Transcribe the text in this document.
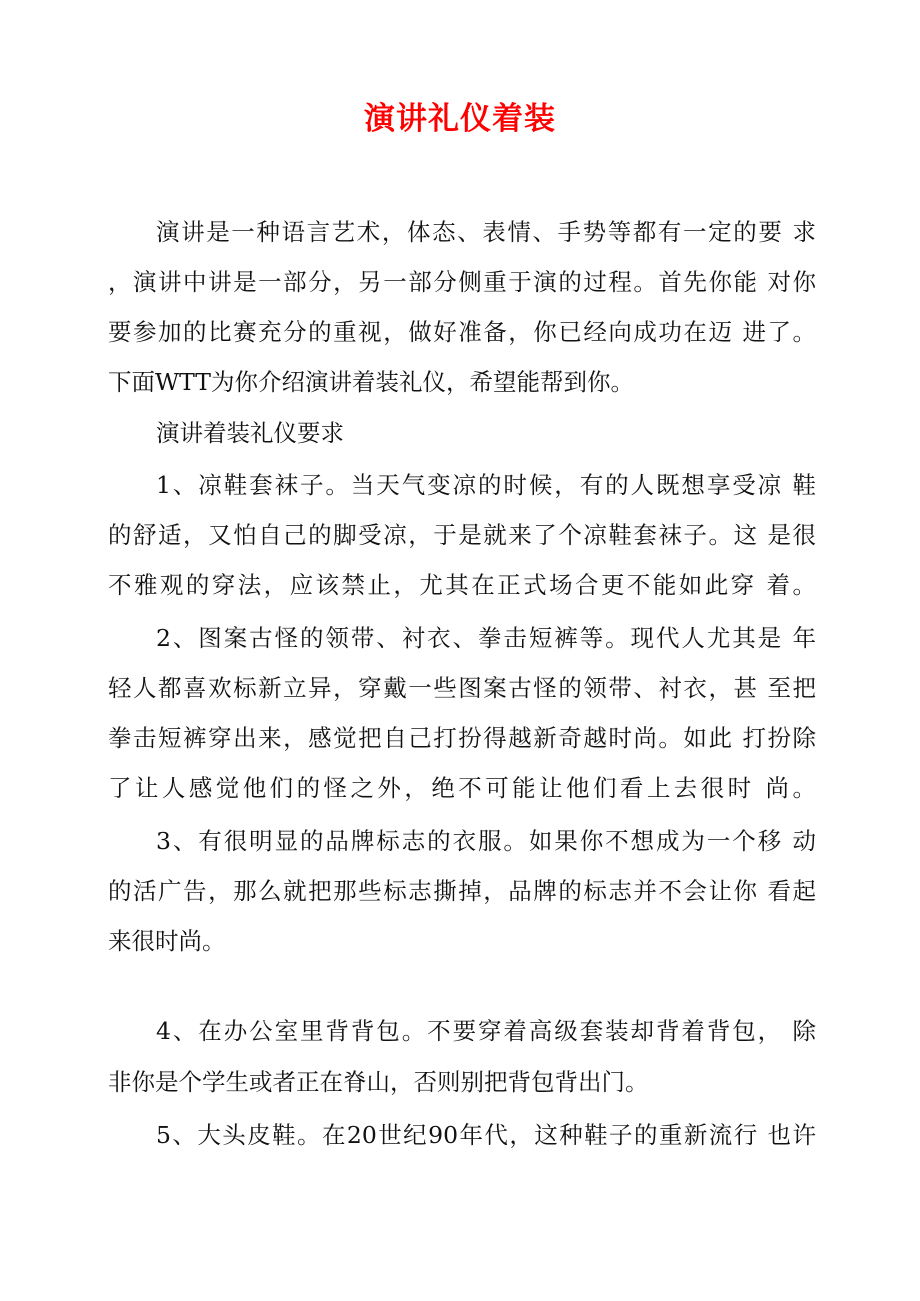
演讲礼仪着装
演讲是一种语言艺术，体态、表情、手势等都有一定的要 求
，演讲中讲是一部分，另一部分侧重于演的过程。首先你能 对你
要参加的比赛充分的重视，做好准备，你已经向成功在迈 进了。
下面WTT为你介绍演讲着装礼仪，希望能帮到你。
演讲着装礼仪要求
1、凉鞋套袜子。当天气变凉的时候，有的人既想享受凉 鞋
的舒适，又怕自己的脚受凉，于是就来了个凉鞋套袜子。这 是很
不雅观的穿法，应该禁止，尤其在正式场合更不能如此穿 着。
2、图案古怪的领带、衬衣、拳击短裤等。现代人尤其是 年
轻人都喜欢标新立异，穿戴一些图案古怪的领带、衬衣，甚 至把
拳击短裤穿出来，感觉把自己打扮得越新奇越时尚。如此 打扮除
了让人感觉他们的怪之外，绝不可能让他们看上去很时 尚。
3、有很明显的品牌标志的衣服。如果你不想成为一个移 动
的活广告，那么就把那些标志撕掉，品牌的标志并不会让你 看起
来很时尚。
4、在办公室里背背包。不要穿着高级套装却背着背包， 除
非你是个学生或者正在脊山，否则别把背包背出门。
5、大头皮鞋。在20世纪90年代，这种鞋子的重新流行 也许
